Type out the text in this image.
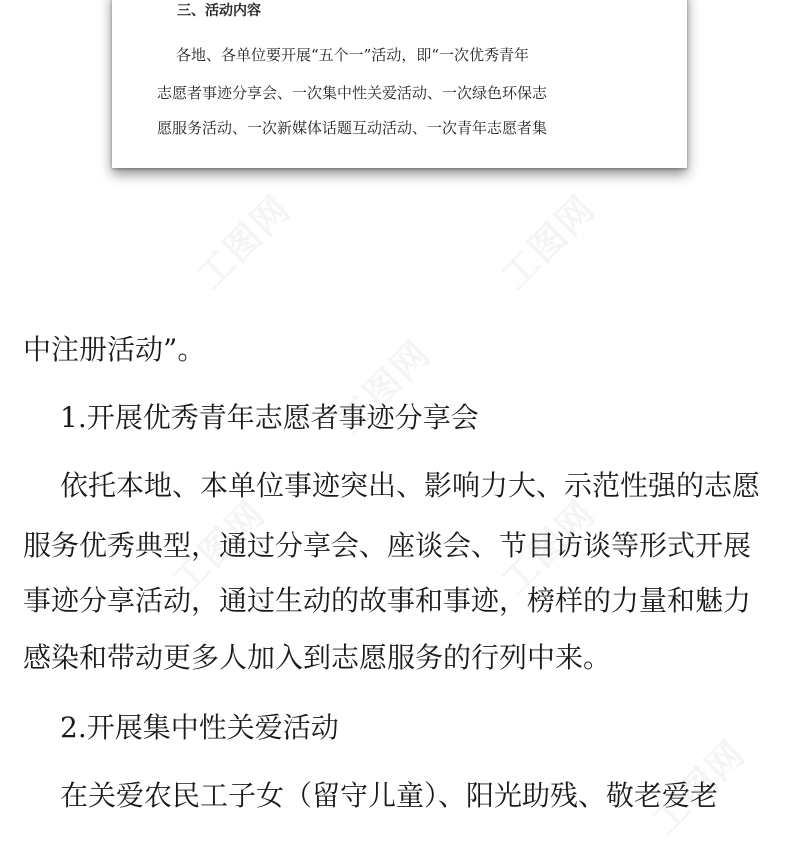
三、活动内容
各地、各单位要开展“五个一”活动，即“一次优秀青年
志愿者事迹分享会、一次集中性关爱活动、一次绿色环保志
愿服务活动、一次新媒体话题互动活动、一次青年志愿者集
中注册活动”。
1.开展优秀青年志愿者事迹分享会
依托本地、本单位事迹突出、影响力大、示范性强的志愿
服务优秀典型，通过分享会、座谈会、节目访谈等形式开展
事迹分享活动，通过生动的故事和事迹，榜样的力量和魅力
感染和带动更多人加入到志愿服务的行列中来。
2.开展集中性关爱活动
在关爱农民工子女（留守儿童）、阳光助残、敬老爱老
